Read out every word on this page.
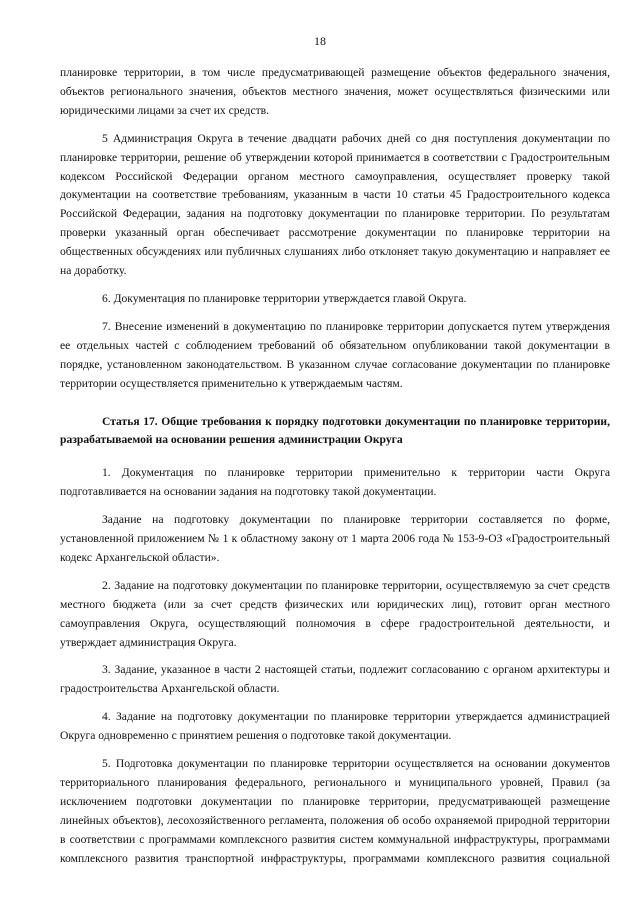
18

планировке территории, в том числе предусматривающей размещение объектов федерального значения, объектов регионального значения, объектов местного значения, может осуществляться физическими или юридическими лицами за счет их средств.

5 Администрация Округа в течение двадцати рабочих дней со дня поступления документации по планировке территории, решение об утверждении которой принимается в соответствии с Градостроительным кодексом Российской Федерации органом местного самоуправления, осуществляет проверку такой документации на соответствие требованиям, указанным в части 10 статьи 45 Градостроительного кодекса Российской Федерации, задания на подготовку документации по планировке территории. По результатам проверки указанный орган обеспечивает рассмотрение документации по планировке территории на общественных обсуждениях или публичных слушаниях либо отклоняет такую документацию и направляет ее на доработку.

6. Документация по планировке территории утверждается главой Округа.

7. Внесение изменений в документацию по планировке территории допускается путем утверждения ее отдельных частей с соблюдением требований об обязательном опубликовании такой документации в порядке, установленном законодательством. В указанном случае согласование документации по планировке территории осуществляется применительно к утверждаемым частям.

Статья 17. Общие требования к порядку подготовки документации по планировке территории, разрабатываемой на основании решения администрации Округа

1. Документация по планировке территории применительно к территории части Округа подготавливается на основании задания на подготовку такой документации.

Задание на подготовку документации по планировке территории составляется по форме, установленной приложением № 1 к областному закону от 1 марта 2006 года № 153-9-ОЗ «Градостроительный кодекс Архангельской области».

2. Задание на подготовку документации по планировке территории, осуществляемую за счет средств местного бюджета (или за счет средств физических или юридических лиц), готовит орган местного самоуправления Округа, осуществляющий полномочия в сфере градостроительной деятельности, и утверждает администрация Округа.

3. Задание, указанное в части 2 настоящей статьи, подлежит согласованию с органом архитектуры и градостроительства Архангельской области.

4. Задание на подготовку документации по планировке территории утверждается администрацией Округа одновременно с принятием решения о подготовке такой документации.

5. Подготовка документации по планировке территории осуществляется на основании документов территориального планирования федерального, регионального и муниципального уровней, Правил (за исключением подготовки документации по планировке территории, предусматривающей размещение линейных объектов), лесохозяйственного регламента, положения об особо охраняемой природной территории в соответствии с программами комплексного развития систем коммунальной инфраструктуры, программами комплексного развития транспортной инфраструктуры, программами комплексного развития социальной
